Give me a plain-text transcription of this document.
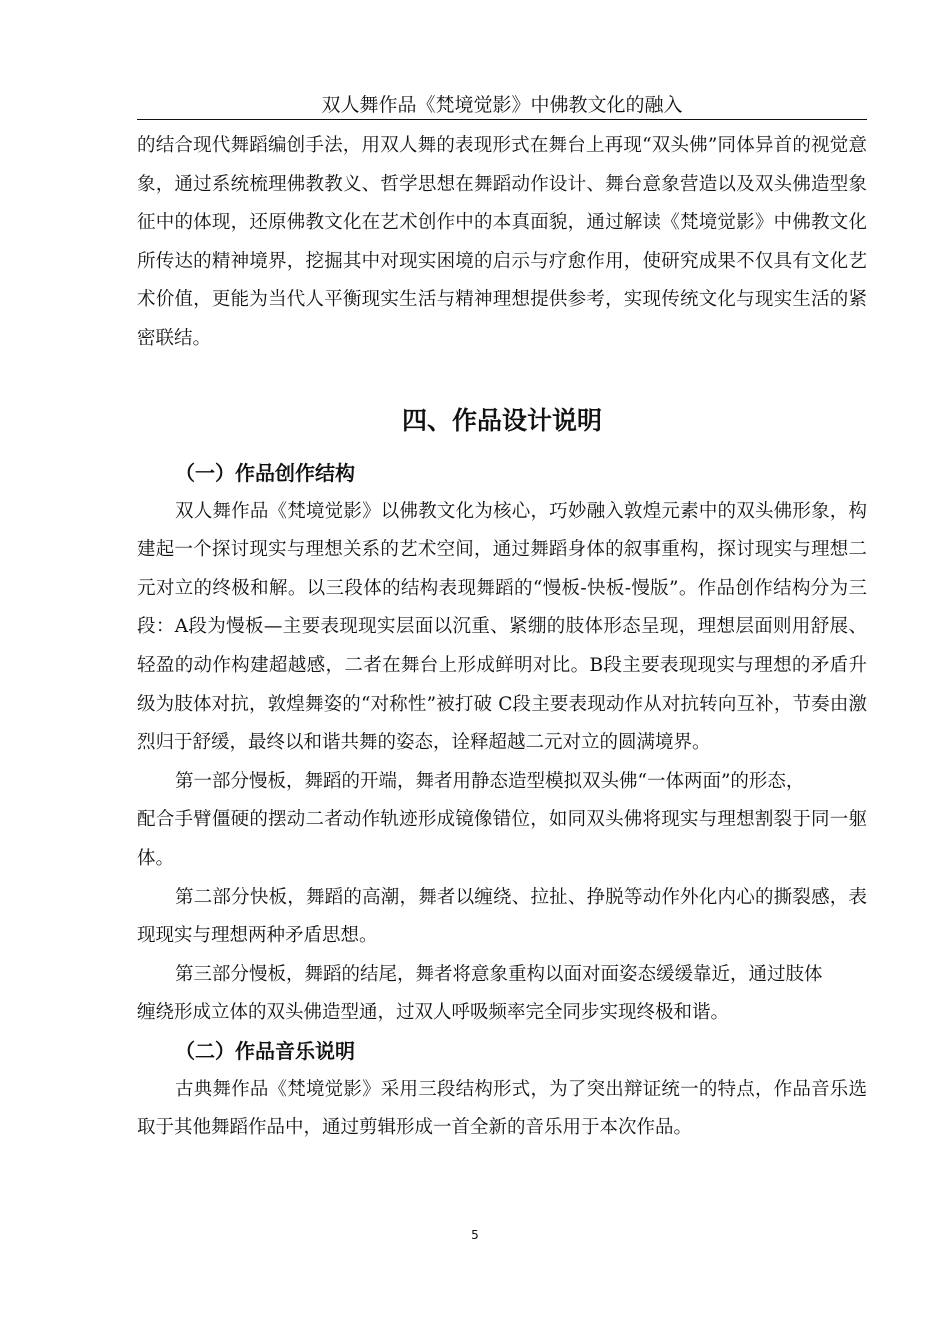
双人舞作品《梵境觉影》中佛教文化的融入

的结合现代舞蹈编创手法，用双人舞的表现形式在舞台上再现“双头佛”同体异首的视觉意象，通过系统梳理佛教教义、哲学思想在舞蹈动作设计、舞台意象营造以及双头佛造型象征中的体现，还原佛教文化在艺术创作中的本真面貌，通过解读《梵境觉影》中佛教文化所传达的精神境界，挖掘其中对现实困境的启示与疗愈作用，使研究成果不仅具有文化艺术价值，更能为当代人平衡现实生活与精神理想提供参考，实现传统文化与现实生活的紧密联结。

四、作品设计说明
（一）作品创作结构

双人舞作品《梵境觉影》以佛教文化为核心，巧妙融入敦煌元素中的双头佛形象，构建起一个探讨现实与理想关系的艺术空间，通过舞蹈身体的叙事重构，探讨现实与理想二元对立的终极和解。以三段体的结构表现舞蹈的“慢板-快板-慢版”。作品创作结构分为三段：A段为慢板—主要表现现实层面以沉重、紧绷的肢体形态呈现，理想层面则用舒展、轻盈的动作构建超越感，二者在舞台上形成鲜明对比。B段主要表现现实与理想的矛盾升级为肢体对抗，敦煌舞姿的“对称性”被打破 C段主要表现动作从对抗转向互补，节奏由激烈归于舒缓，最终以和谐共舞的姿态，诠释超越二元对立的圆满境界。

第一部分慢板，舞蹈的开端，舞者用静态造型模拟双头佛“一体两面”的形态，

配合手臂僵硬的摆动二者动作轨迹形成镜像错位，如同双头佛将现实与理想割裂于同一躯体。

第二部分快板，舞蹈的高潮，舞者以缠绕、拉扯、挣脱等动作外化内心的撕裂感，表现现实与理想两种矛盾思想。

第三部分慢板，舞蹈的结尾，舞者将意象重构以面对面姿态缓缓靠近，通过肢体

缠绕形成立体的双头佛造型通，过双人呼吸频率完全同步实现终极和谐。

（二）作品音乐说明

古典舞作品《梵境觉影》采用三段结构形式，为了突出辩证统一的特点，作品音乐选取于其他舞蹈作品中，通过剪辑形成一首全新的音乐用于本次作品。

5
